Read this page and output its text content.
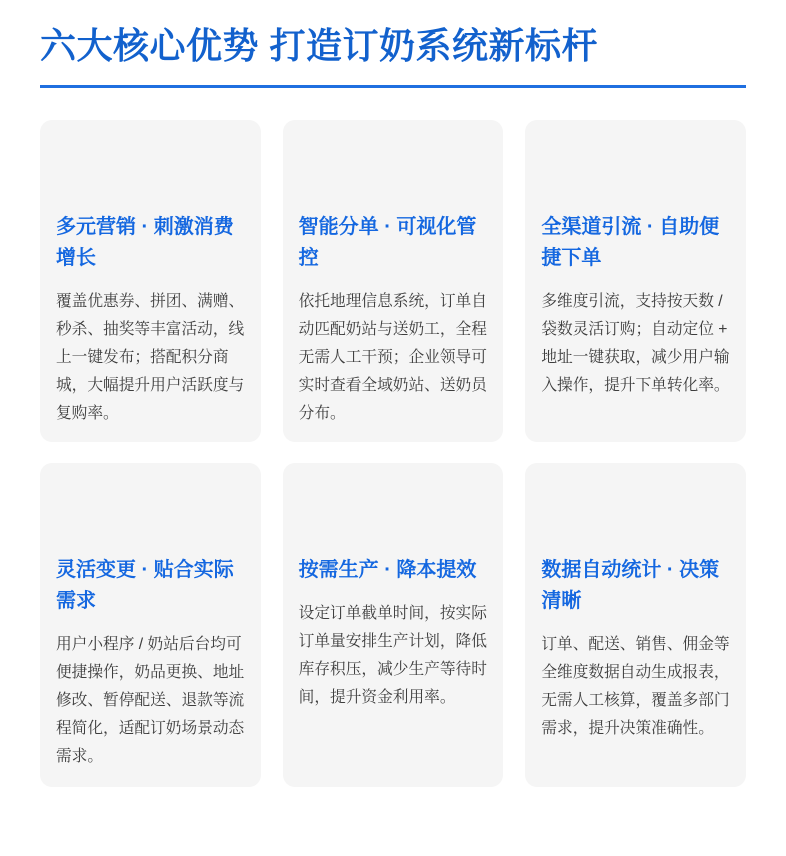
六大核心优势 打造订奶系统新标杆
多元营销 · 刺激消费增长

覆盖优惠券、拼团、满赠、秒杀、抽奖等丰富活动，线上一键发布；搭配积分商城，大幅提升用户活跃度与复购率。

智能分单 · 可视化管控

依托地理信息系统，订单自动匹配奶站与送奶工，全程无需人工干预；企业领导可实时查看全域奶站、送奶员分布。

全渠道引流 · 自助便捷下单

多维度引流，支持按天数 / 袋数灵活订购；自动定位 + 地址一键获取，减少用户输入操作，提升下单转化率。

灵活变更 · 贴合实际需求

用户小程序 / 奶站后台均可便捷操作，奶品更换、地址修改、暂停配送、退款等流程简化，适配订奶场景动态需求。

按需生产 · 降本提效

设定订单截单时间，按实际订单量安排生产计划，降低库存积压，减少生产等待时间，提升资金利用率。

数据自动统计 · 决策清晰

订单、配送、销售、佣金等全维度数据自动生成报表，无需人工核算，覆盖多部门需求，提升决策准确性。
